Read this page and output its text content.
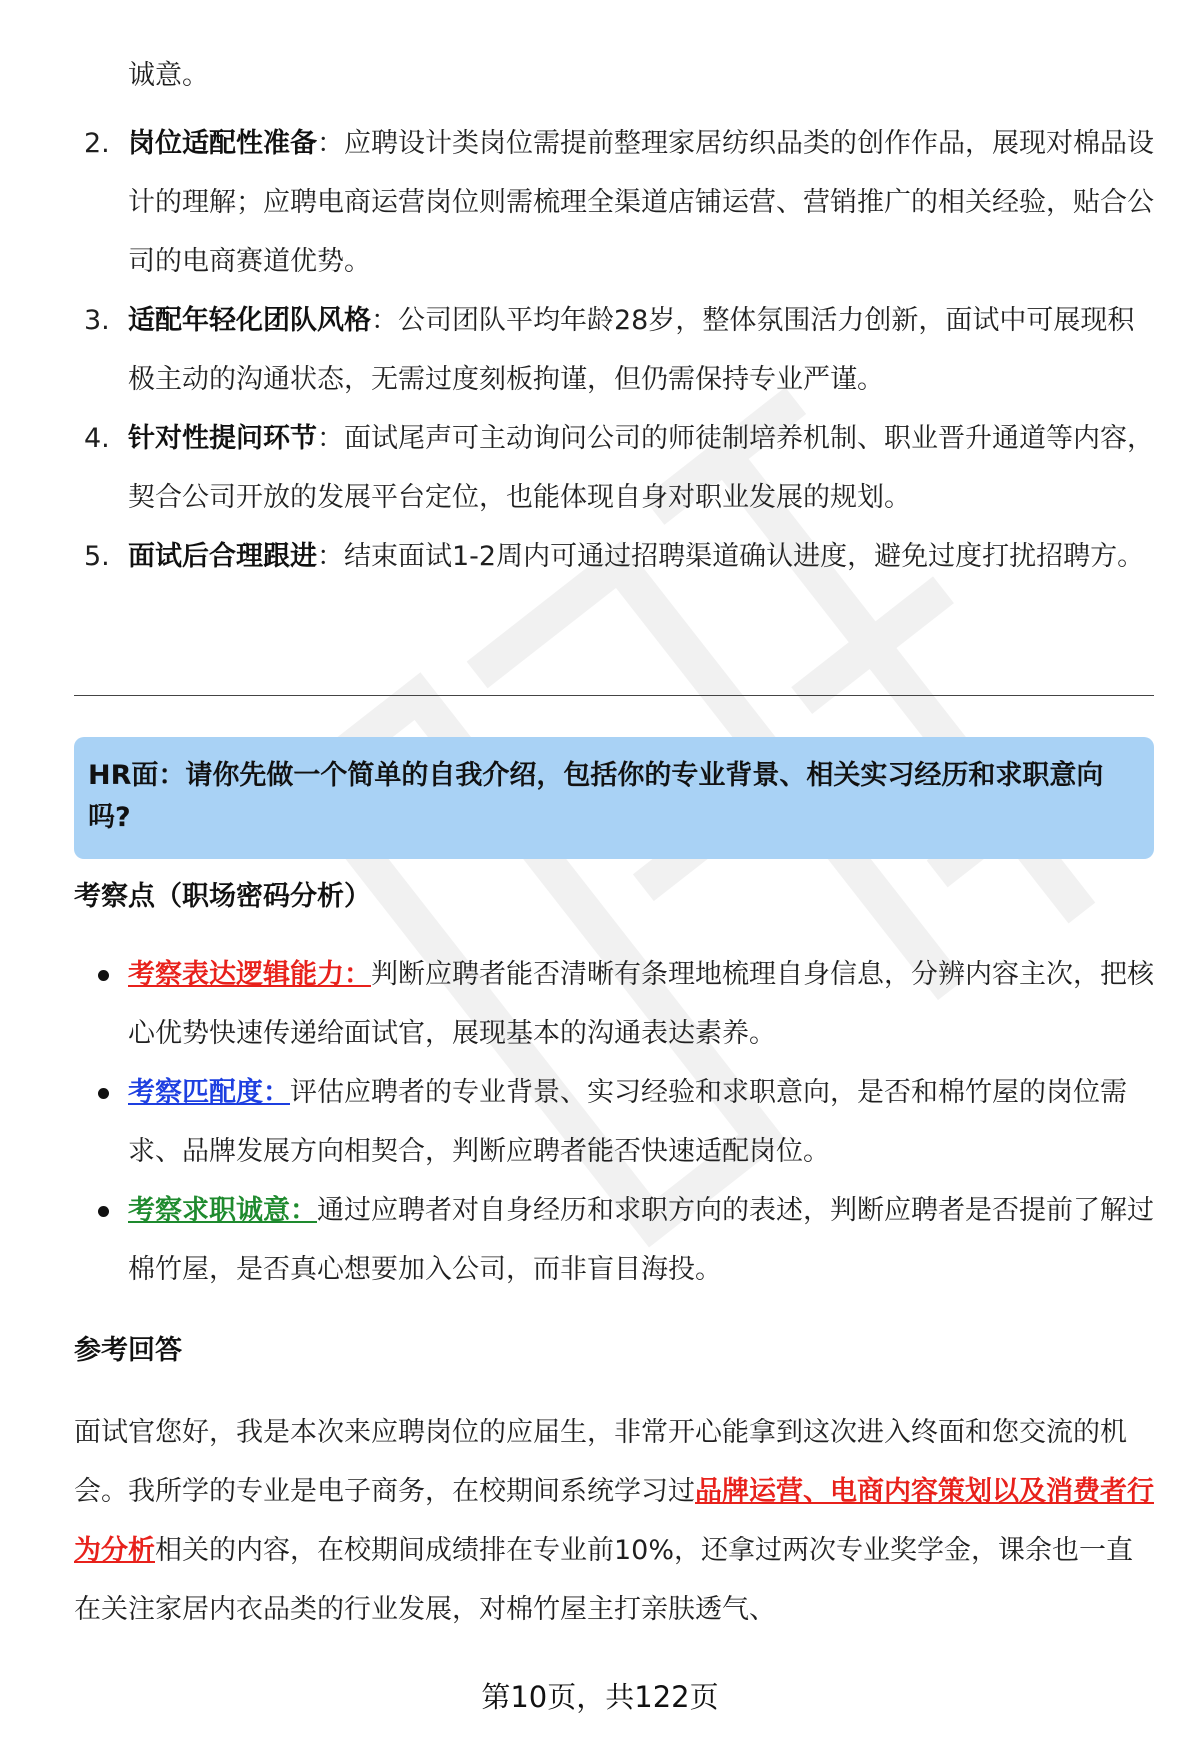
诚意。
2. 岗位适配性准备：应聘设计类岗位需提前整理家居纺织品类的创作作品，展现对棉品设计的理解；应聘电商运营岗位则需梳理全渠道店铺运营、营销推广的相关经验，贴合公司的电商赛道优势。
3. 适配年轻化团队风格：公司团队平均年龄28岁，整体氛围活力创新，面试中可展现积极主动的沟通状态，无需过度刻板拘谨，但仍需保持专业严谨。
4. 针对性提问环节：面试尾声可主动询问公司的师徒制培养机制、职业晋升通道等内容，契合公司开放的发展平台定位，也能体现自身对职业发展的规划。
5. 面试后合理跟进：结束面试1-2周内可通过招聘渠道确认进度，避免过度打扰招聘方。
HR面：请你先做一个简单的自我介绍，包括你的专业背景、相关实习经历和求职意向吗?
考察点（职场密码分析）
考察表达逻辑能力：判断应聘者能否清晰有条理地梳理自身信息，分辨内容主次，把核心优势快速传递给面试官，展现基本的沟通表达素养。
考察匹配度：评估应聘者的专业背景、实习经验和求职意向，是否和棉竹屋的岗位需求、品牌发展方向相契合，判断应聘者能否快速适配岗位。
考察求职诚意：通过应聘者对自身经历和求职方向的表述，判断应聘者是否提前了解过棉竹屋，是否真心想要加入公司，而非盲目海投。
参考回答

面试官您好，我是本次来应聘岗位的应届生，非常开心能拿到这次进入终面和您交流的机会。我所学的专业是电子商务，在校期间系统学习过品牌运营、电商内容策划以及消费者行为分析相关的内容，在校期间成绩排在专业前10%，还拿过两次专业奖学金，课余也一直在关注家居内衣品类的行业发展，对棉竹屋主打亲肤透气、

第10页，共122页
